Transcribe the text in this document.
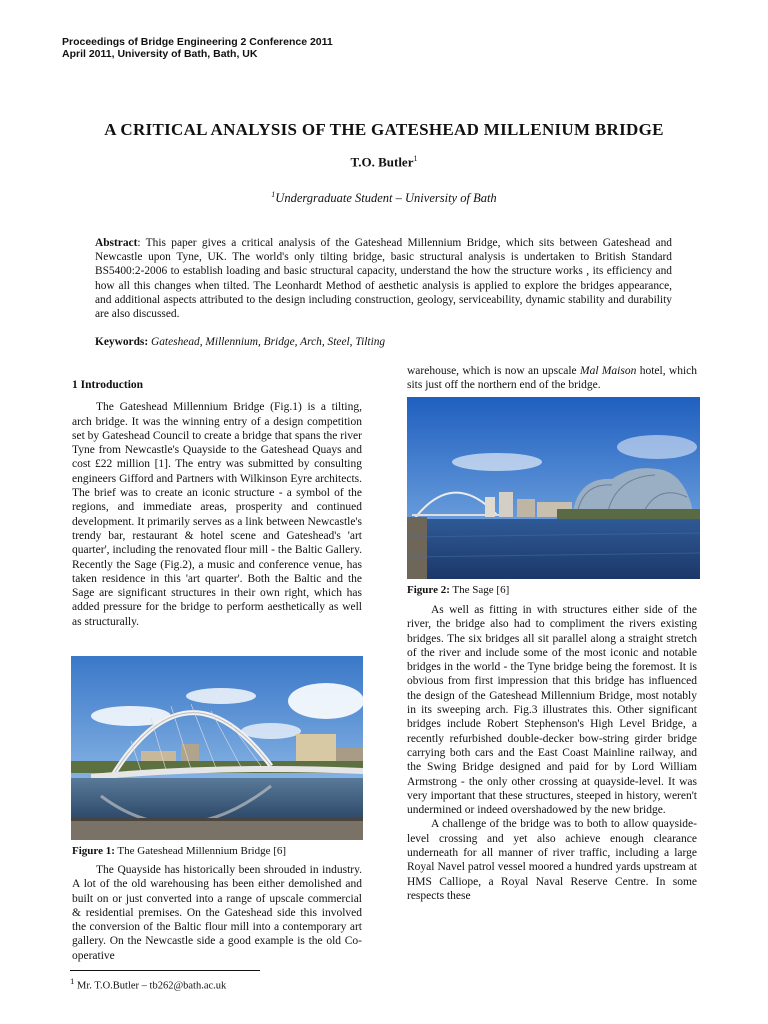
Proceedings of Bridge Engineering 2 Conference 2011
April 2011, University of Bath, Bath, UK
A CRITICAL ANALYSIS OF THE GATESHEAD MILLENIUM BRIDGE
T.O. Butler$^1$
$^1$Undergraduate Student – University of Bath
Abstract: This paper gives a critical analysis of the Gateshead Millennium Bridge, which sits between Gateshead and Newcastle upon Tyne, UK. The world's only tilting bridge, basic structural analysis is undertaken to British Standard BS5400:2-2006 to establish loading and basic structural capacity, understand the how the structure works , its efficiency and how all this changes when tilted. The Leonhardt Method of aesthetic analysis is applied to explore the bridges appearance, and additional aspects attributed to the design including construction, geology, serviceability, dynamic stability and durability are also discussed.
Keywords: Gateshead, Millennium, Bridge, Arch, Steel, Tilting
1 Introduction

The Gateshead Millennium Bridge (Fig.1) is a tilting, arch bridge. It was the winning entry of a design competition set by Gateshead Council to create a bridge that spans the river Tyne from Newcastle's Quayside to the Gateshead Quays and cost £22 million [1]. The entry was submitted by consulting engineers Gifford and Partners with Wilkinson Eyre architects. The brief was to create an iconic structure - a symbol of the regions, and immediate areas, prosperity and continued development. It primarily serves as a link between Newcastle's trendy bar, restaurant & hotel scene and Gateshead's 'art quarter', including the renovated flour mill - the Baltic Gallery. Recently the Sage (Fig.2), a music and conference venue, has taken residence in this 'art quarter'. Both the Baltic and the Sage are significant structures in their own right, which has added pressure for the bridge to perform aesthetically as well as structurally.

Figure 1: The Gateshead Millennium Bridge [6]

The Quayside has historically been shrouded in industry. A lot of the old warehousing has been either demolished and built on or just converted into a range of upscale commercial & residential premises. On the Gateshead side this involved the conversion of the Baltic flour mill into a contemporary art gallery. On the Newcastle side a good example is the old Co-operative

warehouse, which is now an upscale Mal Maison hotel, which sits just off the northern end of the bridge.

Figure 2: The Sage [6]

As well as fitting in with structures either side of the river, the bridge also had to compliment the rivers existing bridges. The six bridges all sit parallel along a straight stretch of the river and include some of the most iconic and notable bridges in the world - the Tyne bridge being the foremost. It is obvious from first impression that this bridge has influenced the design of the Gateshead Millennium Bridge, most notably in its sweeping arch. Fig.3 illustrates this. Other significant bridges include Robert Stephenson's High Level Bridge, a recently refurbished double-decker bow-string girder bridge carrying both cars and the East Coast Mainline railway, and the Swing Bridge designed and paid for by Lord William Armstrong - the only other crossing at quayside-level. It was very important that these structures, steeped in history, weren't undermined or indeed overshadowed by the new bridge.

A challenge of the bridge was to both to allow quayside-level crossing and yet also achieve enough clearance underneath for all manner of river traffic, including a large Royal Navel patrol vessel moored a hundred yards upstream at HMS Calliope, a Royal Naval Reserve Centre. In some respects these

$^1$ Mr. T.O.Butler – tb262@bath.ac.uk
